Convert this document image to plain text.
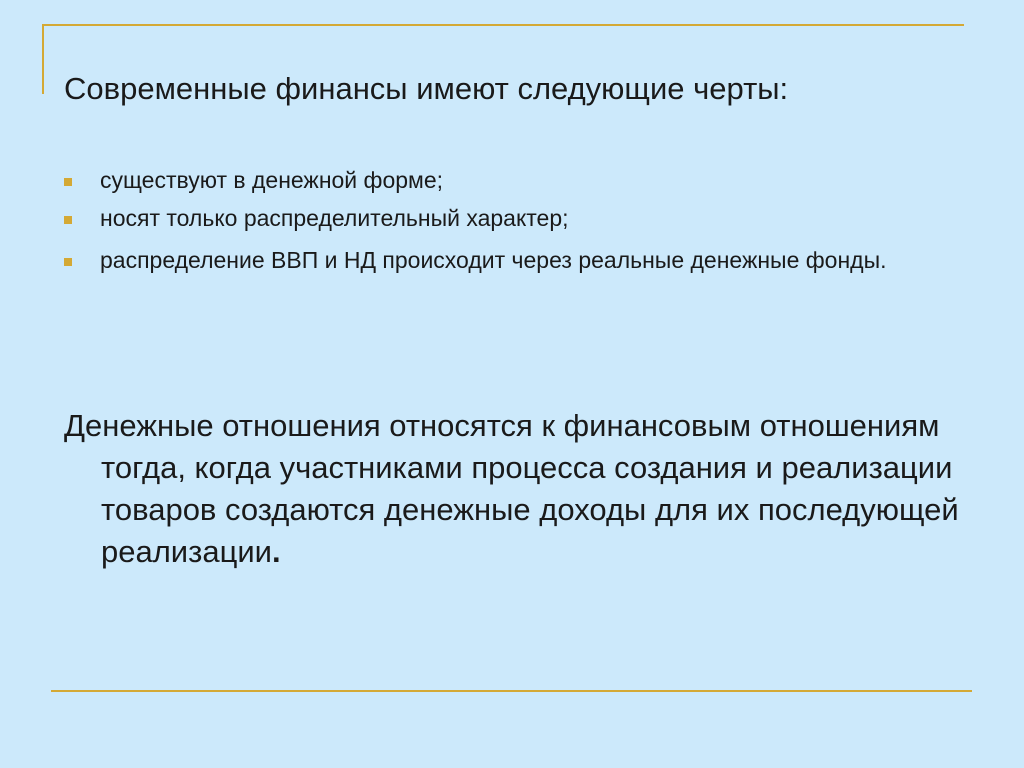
Современные финансы имеют следующие черты:
существуют в денежной форме;
носят только распределительный характер;
распределение ВВП и НД происходит через реальные денежные фонды.

Денежные отношения относятся к финансовым отношениям тогда, когда участниками процесса создания и реализации товаров создаются денежные доходы для их последующей реализации.
